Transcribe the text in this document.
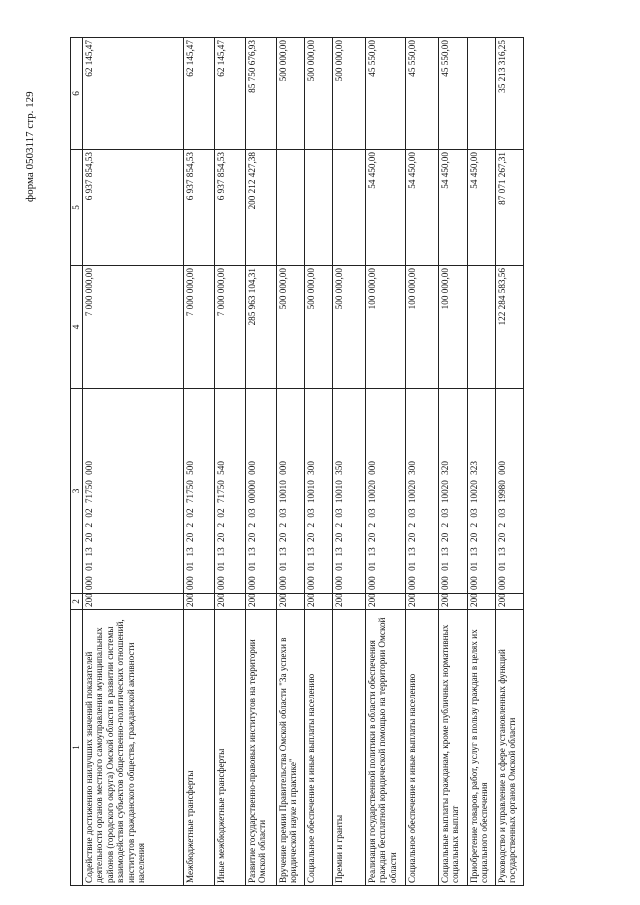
форма 0503117 стр. 129
1	2	3	4	5	6
Содействие достижению наилучших значений показателей деятельности органов местного самоуправления муниципальных районов (городского округа) Омской области в развитии системы взаимодействия субъектов общественно-политических отношений, институтов гражданского общества, гражданской активности населения	200	000 01 13 20 2 02 71750 000	7 000 000,00	6 937 854,53	62 145,47
Межбюджетные трансферты	200	000 01 13 20 2 02 71750 500	7 000 000,00	6 937 854,53	62 145,47
Иные межбюджетные трансферты	200	000 01 13 20 2 02 71750 540	7 000 000,00	6 937 854,53	62 145,47
Развитие государственно-правовых институтов на территории Омской области	200	000 01 13 20 2 03 00000 000	285 963 104,31	200 212 427,38	85 750 676,93
Вручение премии Правительства Омской области "За успехи в юридической науке и практике"	200	000 01 13 20 2 03 10010 000	500 000,00		500 000,00
Социальное обеспечение и иные выплаты населению	200	000 01 13 20 2 03 10010 300	500 000,00		500 000,00
Премии и гранты	200	000 01 13 20 2 03 10010 350	500 000,00		500 000,00
Реализация государственной политики в области обеспечения граждан бесплатной юридической помощью на территории Омской области	200	000 01 13 20 2 03 10020 000	100 000,00	54 450,00	45 550,00
Социальное обеспечение и иные выплаты населению	200	000 01 13 20 2 03 10020 300	100 000,00	54 450,00	45 550,00
Социальные выплаты гражданам, кроме публичных нормативных социальных выплат	200	000 01 13 20 2 03 10020 320	100 000,00	54 450,00	45 550,00
Приобретение товаров, работ, услуг в пользу граждан в целях их социального обеспечения	200	000 01 13 20 2 03 10020 323		54 450,00	
Руководство и управление в сфере установленных функций государственных органов Омской области	200	000 01 13 20 2 03 19980 000	122 284 583,56	87 071 267,31	35 213 316,25
